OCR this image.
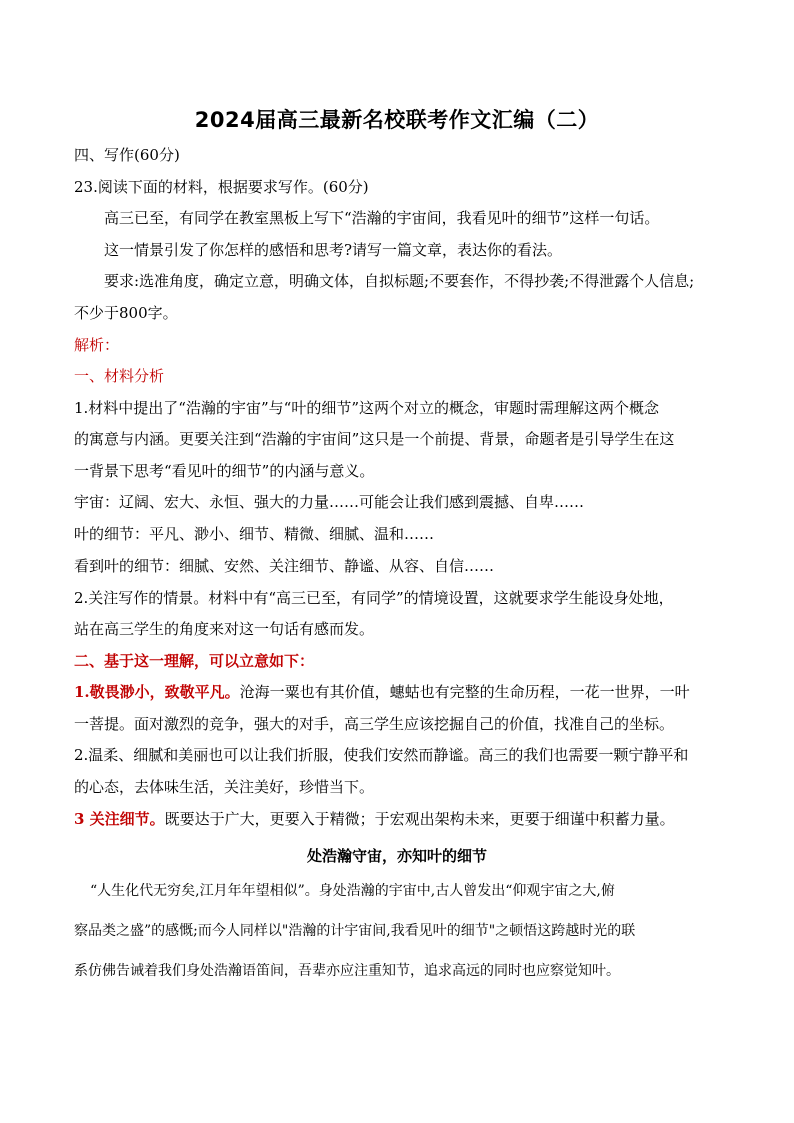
2024届高三最新名校联考作文汇编（二）
四、写作(60分)
23.阅读下面的材料，根据要求写作。(60分)
高三已至，有同学在教室黑板上写下“浩瀚的宇宙间，我看见叶的细节”这样一句话。
这一情景引发了你怎样的感悟和思考?请写一篇文章，表达你的看法。
要求:选准角度，确定立意，明确文体，自拟标题;不要套作，不得抄袭;不得泄露个人信息;
不少于800字。
解析：
一、材料分析
1.材料中提出了“浩瀚的宇宙”与“叶的细节”这两个对立的概念，审题时需理解这两个概念
的寓意与内涵。更要关注到“浩瀚的宇宙间”这只是一个前提、背景，命题者是引导学生在这
一背景下思考“看见叶的细节”的内涵与意义。
宇宙：辽阔、宏大、永恒、强大的力量……可能会让我们感到震撼、自卑……
叶的细节：平凡、渺小、细节、精微、细腻、温和……
看到叶的细节：细腻、安然、关注细节、静谧、从容、自信……
2.关注写作的情景。材料中有“高三已至，有同学”的情境设置，这就要求学生能设身处地，
站在高三学生的角度来对这一句话有感而发。
二、基于这一理解，可以立意如下：
1.敬畏渺小，致敬平凡。沧海一粟也有其价值，蟪蛄也有完整的生命历程，一花一世界，一叶
一菩提。面对激烈的竞争，强大的对手，高三学生应该挖掘自己的价值，找准自己的坐标。
2.温柔、细腻和美丽也可以让我们折服，使我们安然而静谧。高三的我们也需要一颗宁静平和
的心态，去体味生活，关注美好，珍惜当下。
3 关注细节。既要达于广大，更要入于精微；于宏观出架构未来，更要于细谨中积蓄力量。
处浩瀚守宙，亦知叶的细节
“人生化代无穷矣,江月年年望相似”。身处浩瀚的宇宙中,古人曾发出“仰观宇宙之大,俯
察品类之盛”的感慨;而今人同样以"浩瀚的计宇宙间,我看见叶的细节"之顿悟这跨越时光的联
系仿佛告诫着我们身处浩瀚语笛间，吾辈亦应注重知节，追求高远的同时也应察觉知叶。
